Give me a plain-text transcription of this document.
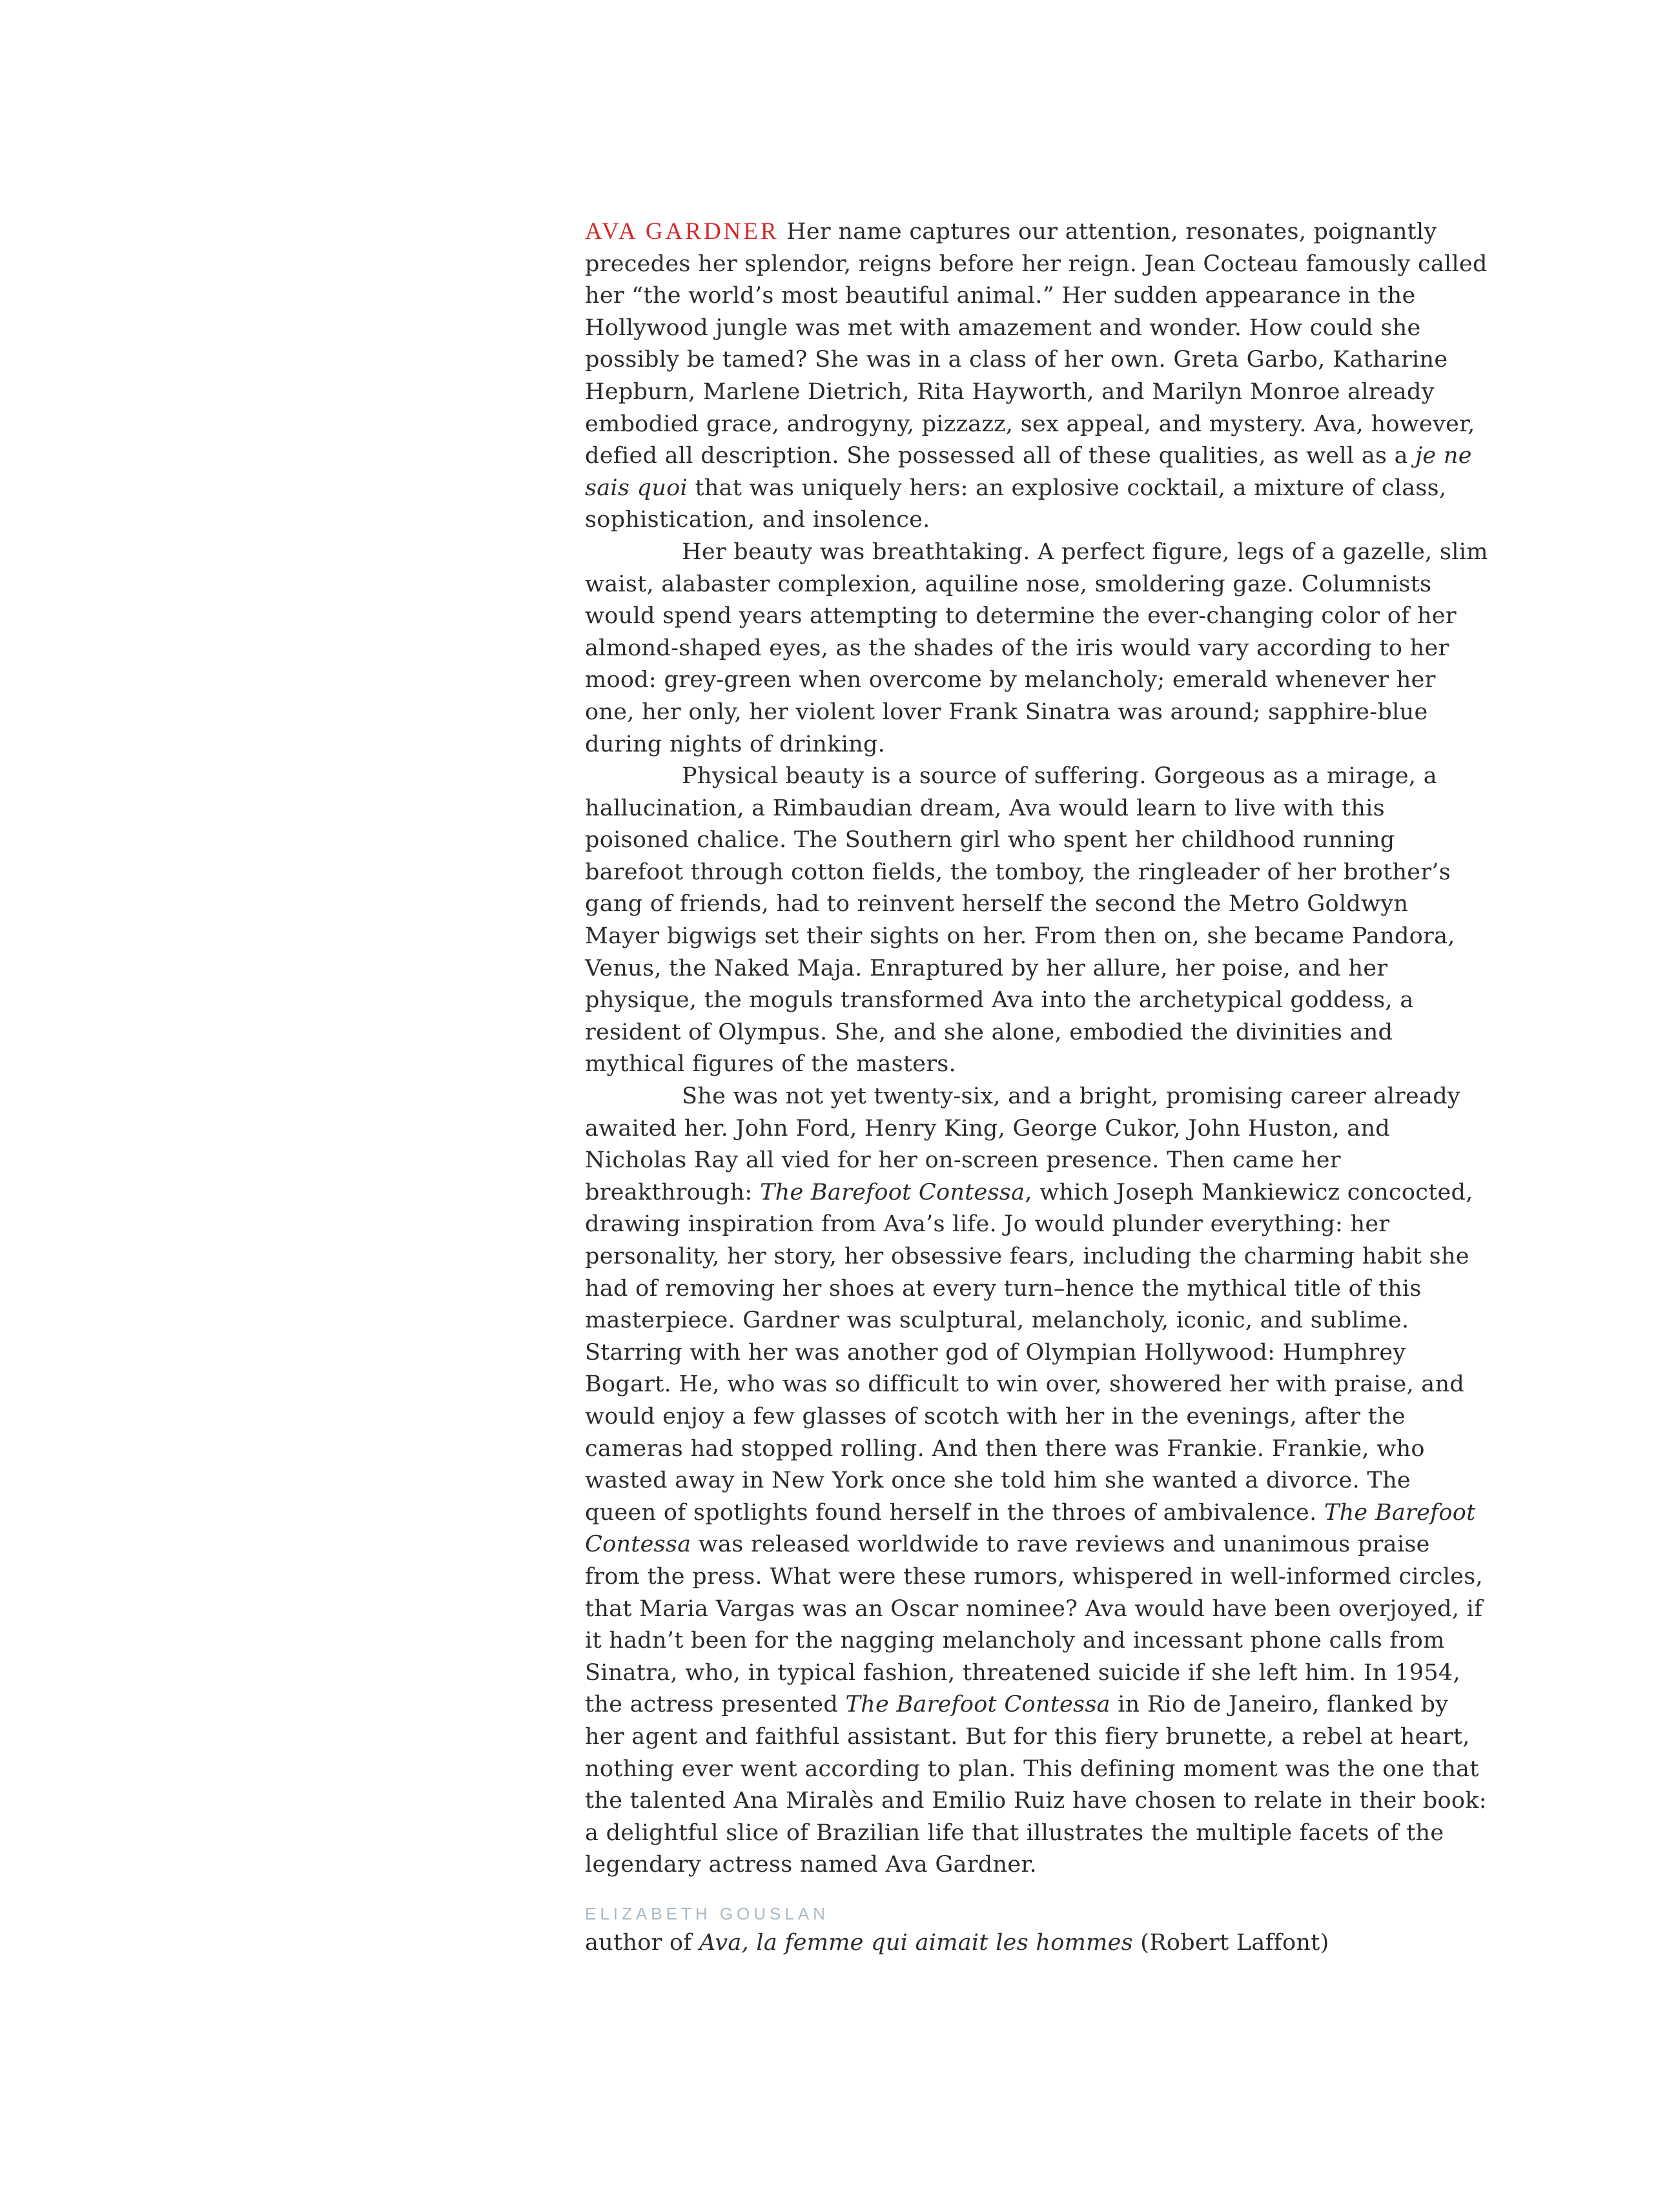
AVA GARDNER Her name captures our attention, resonates, poignantly precedes her splendor, reigns before her reign. Jean Cocteau famously called her “the world’s most beautiful animal.” Her sudden appearance in the Hollywood jungle was met with amazement and wonder. How could she possibly be tamed? She was in a class of her own. Greta Garbo, Katharine Hepburn, Marlene Dietrich, Rita Hayworth, and Marilyn Monroe already embodied grace, androgyny, pizzazz, sex appeal, and mystery. Ava, however, defied all description. She possessed all of these qualities, as well as a je ne sais quoi that was uniquely hers: an explosive cocktail, a mixture of class, sophistication, and insolence.

Her beauty was breathtaking. A perfect figure, legs of a gazelle, slim waist, alabaster complexion, aquiline nose, smoldering gaze. Columnists would spend years attempting to determine the ever-changing color of her almond-shaped eyes, as the shades of the iris would vary according to her mood: grey-green when overcome by melancholy; emerald whenever her one, her only, her violent lover Frank Sinatra was around; sapphire-blue during nights of drinking.

Physical beauty is a source of suffering. Gorgeous as a mirage, a hallucination, a Rimbaudian dream, Ava would learn to live with this poisoned chalice. The Southern girl who spent her childhood running barefoot through cotton fields, the tomboy, the ringleader of her brother’s gang of friends, had to reinvent herself the second the Metro Goldwyn Mayer bigwigs set their sights on her. From then on, she became Pandora, Venus, the Naked Maja. Enraptured by her allure, her poise, and her physique, the moguls transformed Ava into the archetypical goddess, a resident of Olympus. She, and she alone, embodied the divinities and mythical figures of the masters.

She was not yet twenty-six, and a bright, promising career already awaited her. John Ford, Henry King, George Cukor, John Huston, and Nicholas Ray all vied for her on-screen presence. Then came her breakthrough: The Barefoot Contessa, which Joseph Mankiewicz concocted, drawing inspiration from Ava’s life. Jo would plunder everything: her personality, her story, her obsessive fears, including the charming habit she had of removing her shoes at every turn–hence the mythical title of this masterpiece. Gardner was sculptural, melancholy, iconic, and sublime. Starring with her was another god of Olympian Hollywood: Humphrey Bogart. He, who was so difficult to win over, showered her with praise, and would enjoy a few glasses of scotch with her in the evenings, after the cameras had stopped rolling. And then there was Frankie. Frankie, who wasted away in New York once she told him she wanted a divorce. The queen of spotlights found herself in the throes of ambivalence. The Barefoot Contessa was released worldwide to rave reviews and unanimous praise from the press. What were these rumors, whispered in well-informed circles, that Maria Vargas was an Oscar nominee? Ava would have been overjoyed, if it hadn’t been for the nagging melancholy and incessant phone calls from Sinatra, who, in typical fashion, threatened suicide if she left him. In 1954, the actress presented The Barefoot Contessa in Rio de Janeiro, flanked by her agent and faithful assistant. But for this fiery brunette, a rebel at heart, nothing ever went according to plan. This defining moment was the one that the talented Ana Miralès and Emilio Ruiz have chosen to relate in their book: a delightful slice of Brazilian life that illustrates the multiple facets of the legendary actress named Ava Gardner.

ELIZABETH GOUSLAN
author of Ava, la femme qui aimait les hommes (Robert Laffont)
